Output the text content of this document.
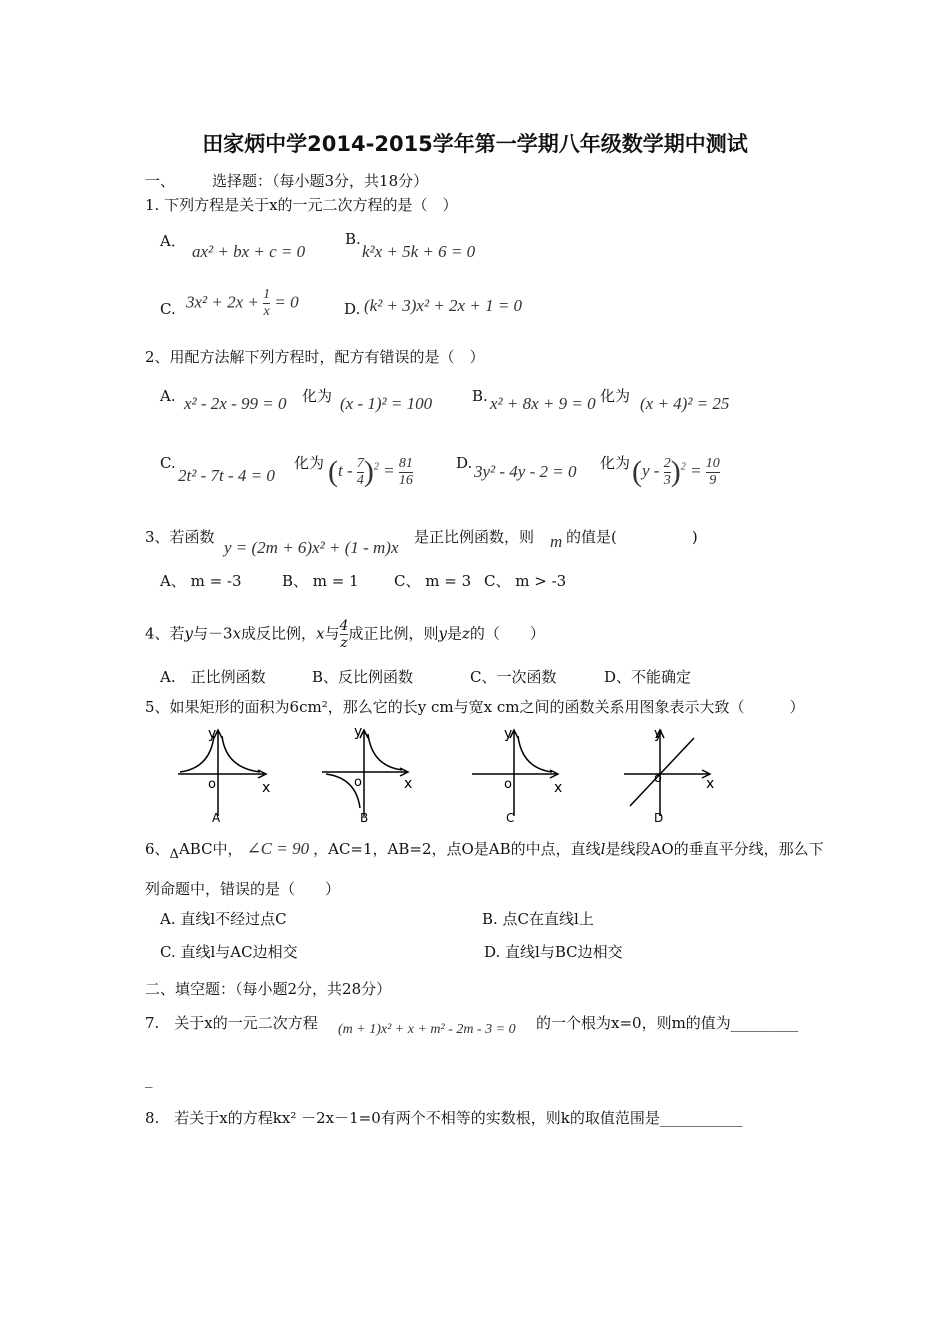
田家炳中学2014-2015学年第一学期八年级数学期中测试
一、 选择题：（每小题3分，共18分）
1. 下列方程是关于x的一元二次方程的是（　）
A．
ax² + bx + c = 0
B.
k²x + 5k + 6 = 0
C. $3x^2 + 2x + \frac{1}{x} = 0$	D. (k² + 3)x² + 2x + 1 = 0
2、用配方法解下列方程时，配方有错误的是（　）
A. x² - 2x - 99 = 0 化为 (x - 1)² = 100	B. x² + 8x + 9 = 0 化为 (x + 4)² = 25
C.
2t² - 7t - 4 = 0
化为 $(t - \frac{7}{4} )^2 = \frac{81}{16}$	D. 3y² - 4y - 2 = 0 化为 $(y - \frac{2}{3} )^2 = \frac{10}{9}$
3、若函数
y = (2m + 6)x² + (1 - m)x
是正比例函数，则 m 的值是(　　　　　)
A、 m = -3	B、 m = 1 C、 m = 3 C、 m > -3
4、若y与－3x成反比例，x与 $\frac{4}{z}$ 成正比例，则y是z的（　　）
A.　正比例函数	B、反比例函数	C、一次函数	D、不能确定
5、如果矩形的面积为6cm²，那么它的长y cm与宽x cm之间的函数关系用图象表示大致（　　　）
y
o	x
A
y
o	x
B
y
o	x
C
y
o	x
D
6、ΔABC中， ∠C = 90 ，AC=1，AB=2，点O是AB的中点，直线l是线段AO的垂直平分线，那么下
列命题中，错误的是（　　）
A. 直线l不经过点C	B. 点C在直线l上
C. 直线l与AC边相交	D. 直线l与BC边相交
二、填空题：（每小题2分，共28分）
7.　关于x的一元二次方程 (m + 1)x² + x + m² - 2m - 3 = 0 的一个根为x=0，则m的值为_________
_
8.　若关于x的方程kx² －2x－1=0有两个不相等的实数根，则k的取值范围是___________
